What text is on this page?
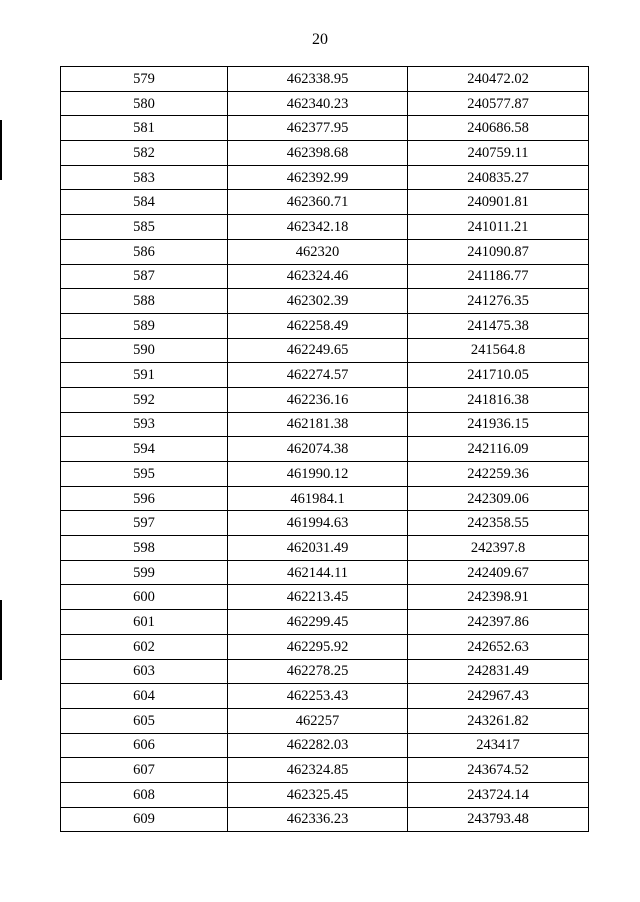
20
579	462338.95	240472.02
580	462340.23	240577.87
581	462377.95	240686.58
582	462398.68	240759.11
583	462392.99	240835.27
584	462360.71	240901.81
585	462342.18	241011.21
586	462320	241090.87
587	462324.46	241186.77
588	462302.39	241276.35
589	462258.49	241475.38
590	462249.65	241564.8
591	462274.57	241710.05
592	462236.16	241816.38
593	462181.38	241936.15
594	462074.38	242116.09
595	461990.12	242259.36
596	461984.1	242309.06
597	461994.63	242358.55
598	462031.49	242397.8
599	462144.11	242409.67
600	462213.45	242398.91
601	462299.45	242397.86
602	462295.92	242652.63
603	462278.25	242831.49
604	462253.43	242967.43
605	462257	243261.82
606	462282.03	243417
607	462324.85	243674.52
608	462325.45	243724.14
609	462336.23	243793.48
